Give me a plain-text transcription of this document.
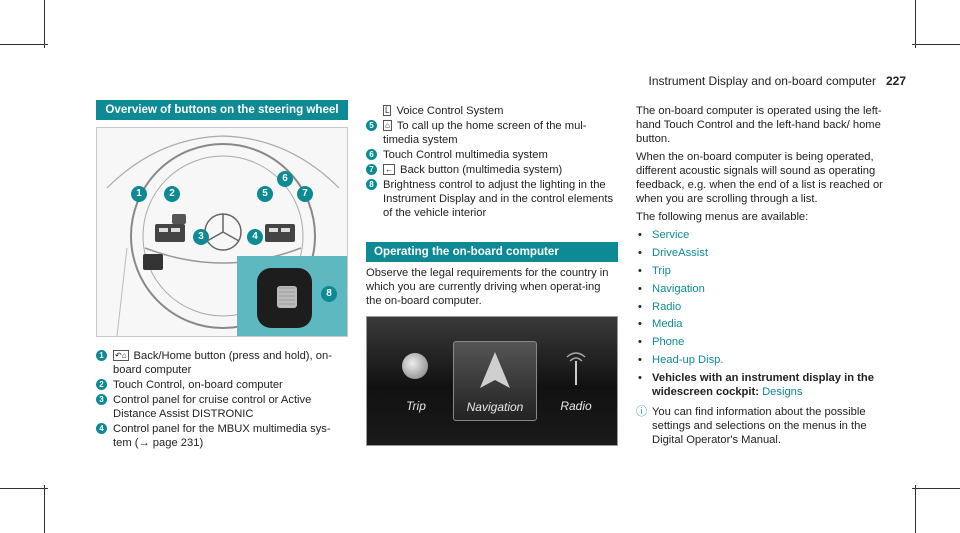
Instrument Display and on-board computer 227
Overview of buttons on the steering wheel
1	2
3	4
5
6
7
8
1	↶⌂ Back/Home button (press and hold), on-board computer
2 Touch Control, on-board computer
3 Control panel for cruise control or Active Distance Assist DISTRONIC
4 Control panel for the MBUX multimedia sys-tem (→ page 231)
Ĺ Voice Control System
5	⌂ To call up the home screen of the mul-timedia system
6 Touch Control multimedia system
7	← Back button (multimedia system)
8 Brightness control to adjust the lighting in the Instrument Display and in the control elements of the vehicle interior
Operating the on-board computer

Observe the legal requirements for the country in which you are currently driving when operat-ing the on-board computer.

Trip	Navigation	Radio

The on-board computer is operated using the left-hand Touch Control and the left-hand back/ home button.

When the on-board computer is being operated, different acoustic signals will sound as operating feedback, e.g. when the end of a list is reached or when you are scrolling through a list.

The following menus are available:

• Service
• DriveAssist
• Trip
• Navigation
• Radio
• Media
• Phone
• Head-up Disp.
• Vehicles with an instrument display in the widescreen cockpit: Designs
ⓘ You can find information about the possible settings and selections on the menus in the Digital Operator's Manual.
